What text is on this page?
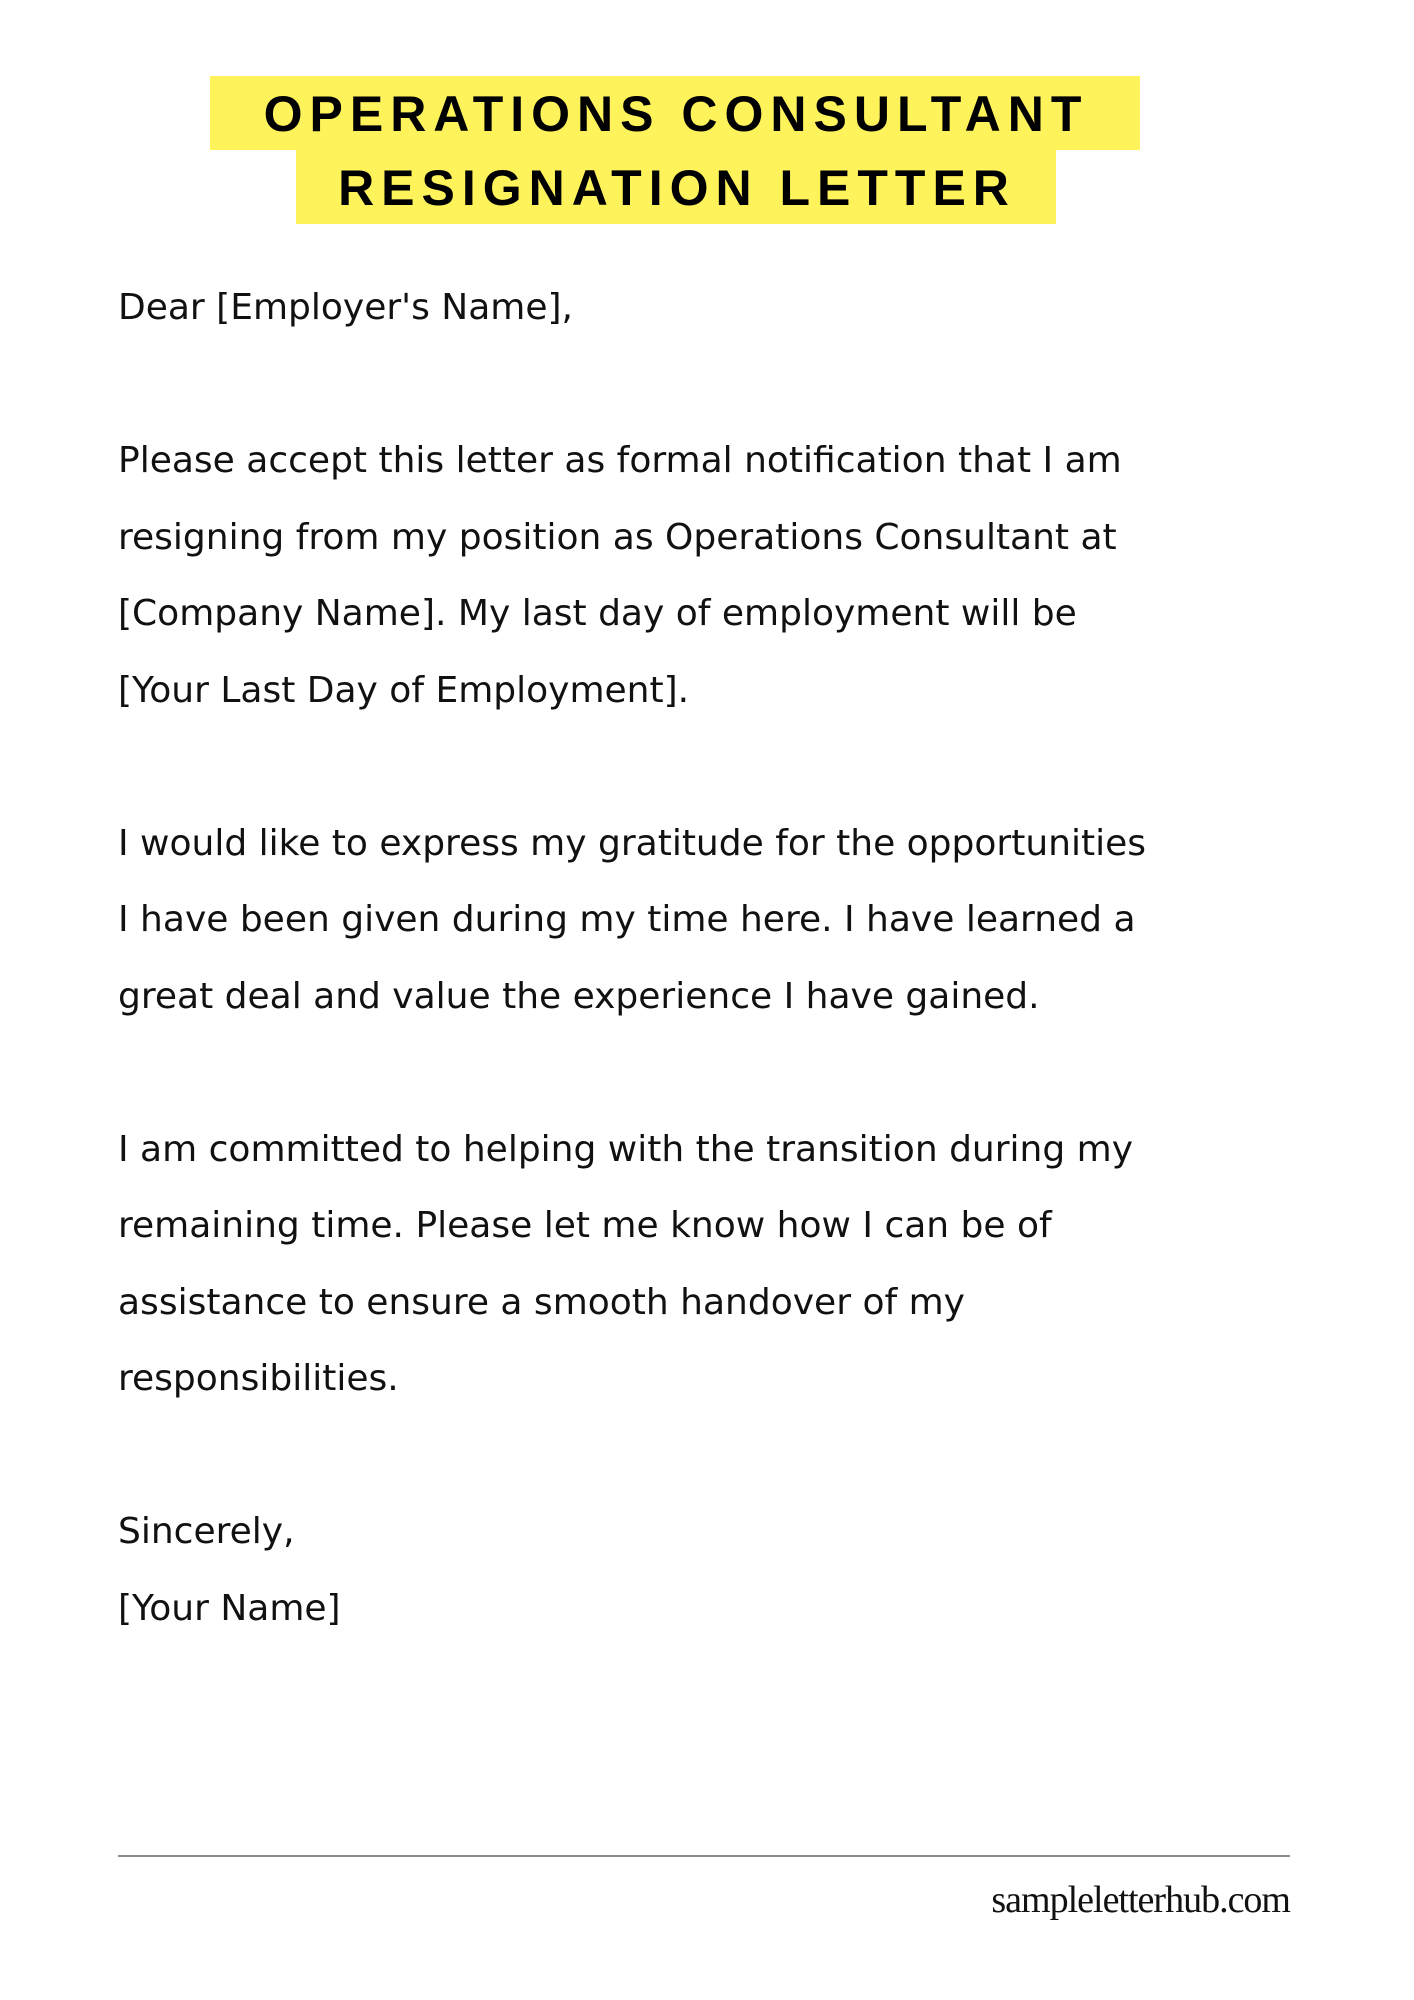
OPERATIONS CONSULTANT
RESIGNATION LETTER

Dear [Employer's Name],

Please accept this letter as formal notification that I am
resigning from my position as Operations Consultant at
[Company Name]. My last day of employment will be
[Your Last Day of Employment].

I would like to express my gratitude for the opportunities
I have been given during my time here. I have learned a
great deal and value the experience I have gained.

I am committed to helping with the transition during my
remaining time. Please let me know how I can be of
assistance to ensure a smooth handover of my
responsibilities.

Sincerely,

[Your Name]

sampleletterhub.com
